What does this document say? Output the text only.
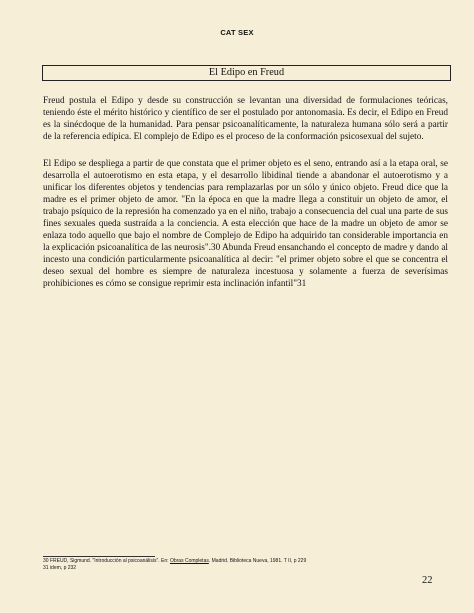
CAT SEX
El Edipo en Freud

Freud postula el Edipo y desde su construcción se levantan una diversidad de formulaciones teóricas, teniendo éste el mérito histórico y científico de ser el postulado por antonomasia. Es decir, el Edipo en Freud es la sinécdoque de la humanidad. Para pensar psicoanalíticamente, la naturaleza humana sólo será a partir de la referencia edípica. El complejo de Edipo es el proceso de la conformación psicosexual del sujeto.

El Edipo se despliega a partir de que constata que el primer objeto es el seno, entrando así a la etapa oral, se desarrolla el autoerotismo en esta etapa, y el desarrollo libidinal tiende a abandonar el autoerotismo y a unificar los diferentes objetos y tendencias para remplazarlas por un sólo y único objeto. Freud dice que la madre es el primer objeto de amor. "En la época en que la madre llega a constituir un objeto de amor, el trabajo psíquico de la represión ha comenzado ya en el niño, trabajo a consecuencia del cual una parte de sus fines sexuales queda sustraída a la conciencia. A esta elección que hace de la madre un objeto de amor se enlaza todo aquello que bajo el nombre de Complejo de Edipo ha adquirido tan considerable importancia en la explicación psicoanalítica de las neurosis".30 Abunda Freud ensanchando el concepto de madre y dando al incesto una condición particularmente psicoanalítica al decir: "el primer objeto sobre el que se concentra el deseo sexual del hombre es siempre de naturaleza incestuosa y solamente a fuerza de severísimas prohibiciones es cómo se consigue reprimir esta inclinación infantil"31

30 FREUD, Sigmund. "Introducción al psicoanálisis". En: Obras Completas. Madrid. Biblioteca Nueva, 1981. T II, p 229
31 idem, p 232
22
